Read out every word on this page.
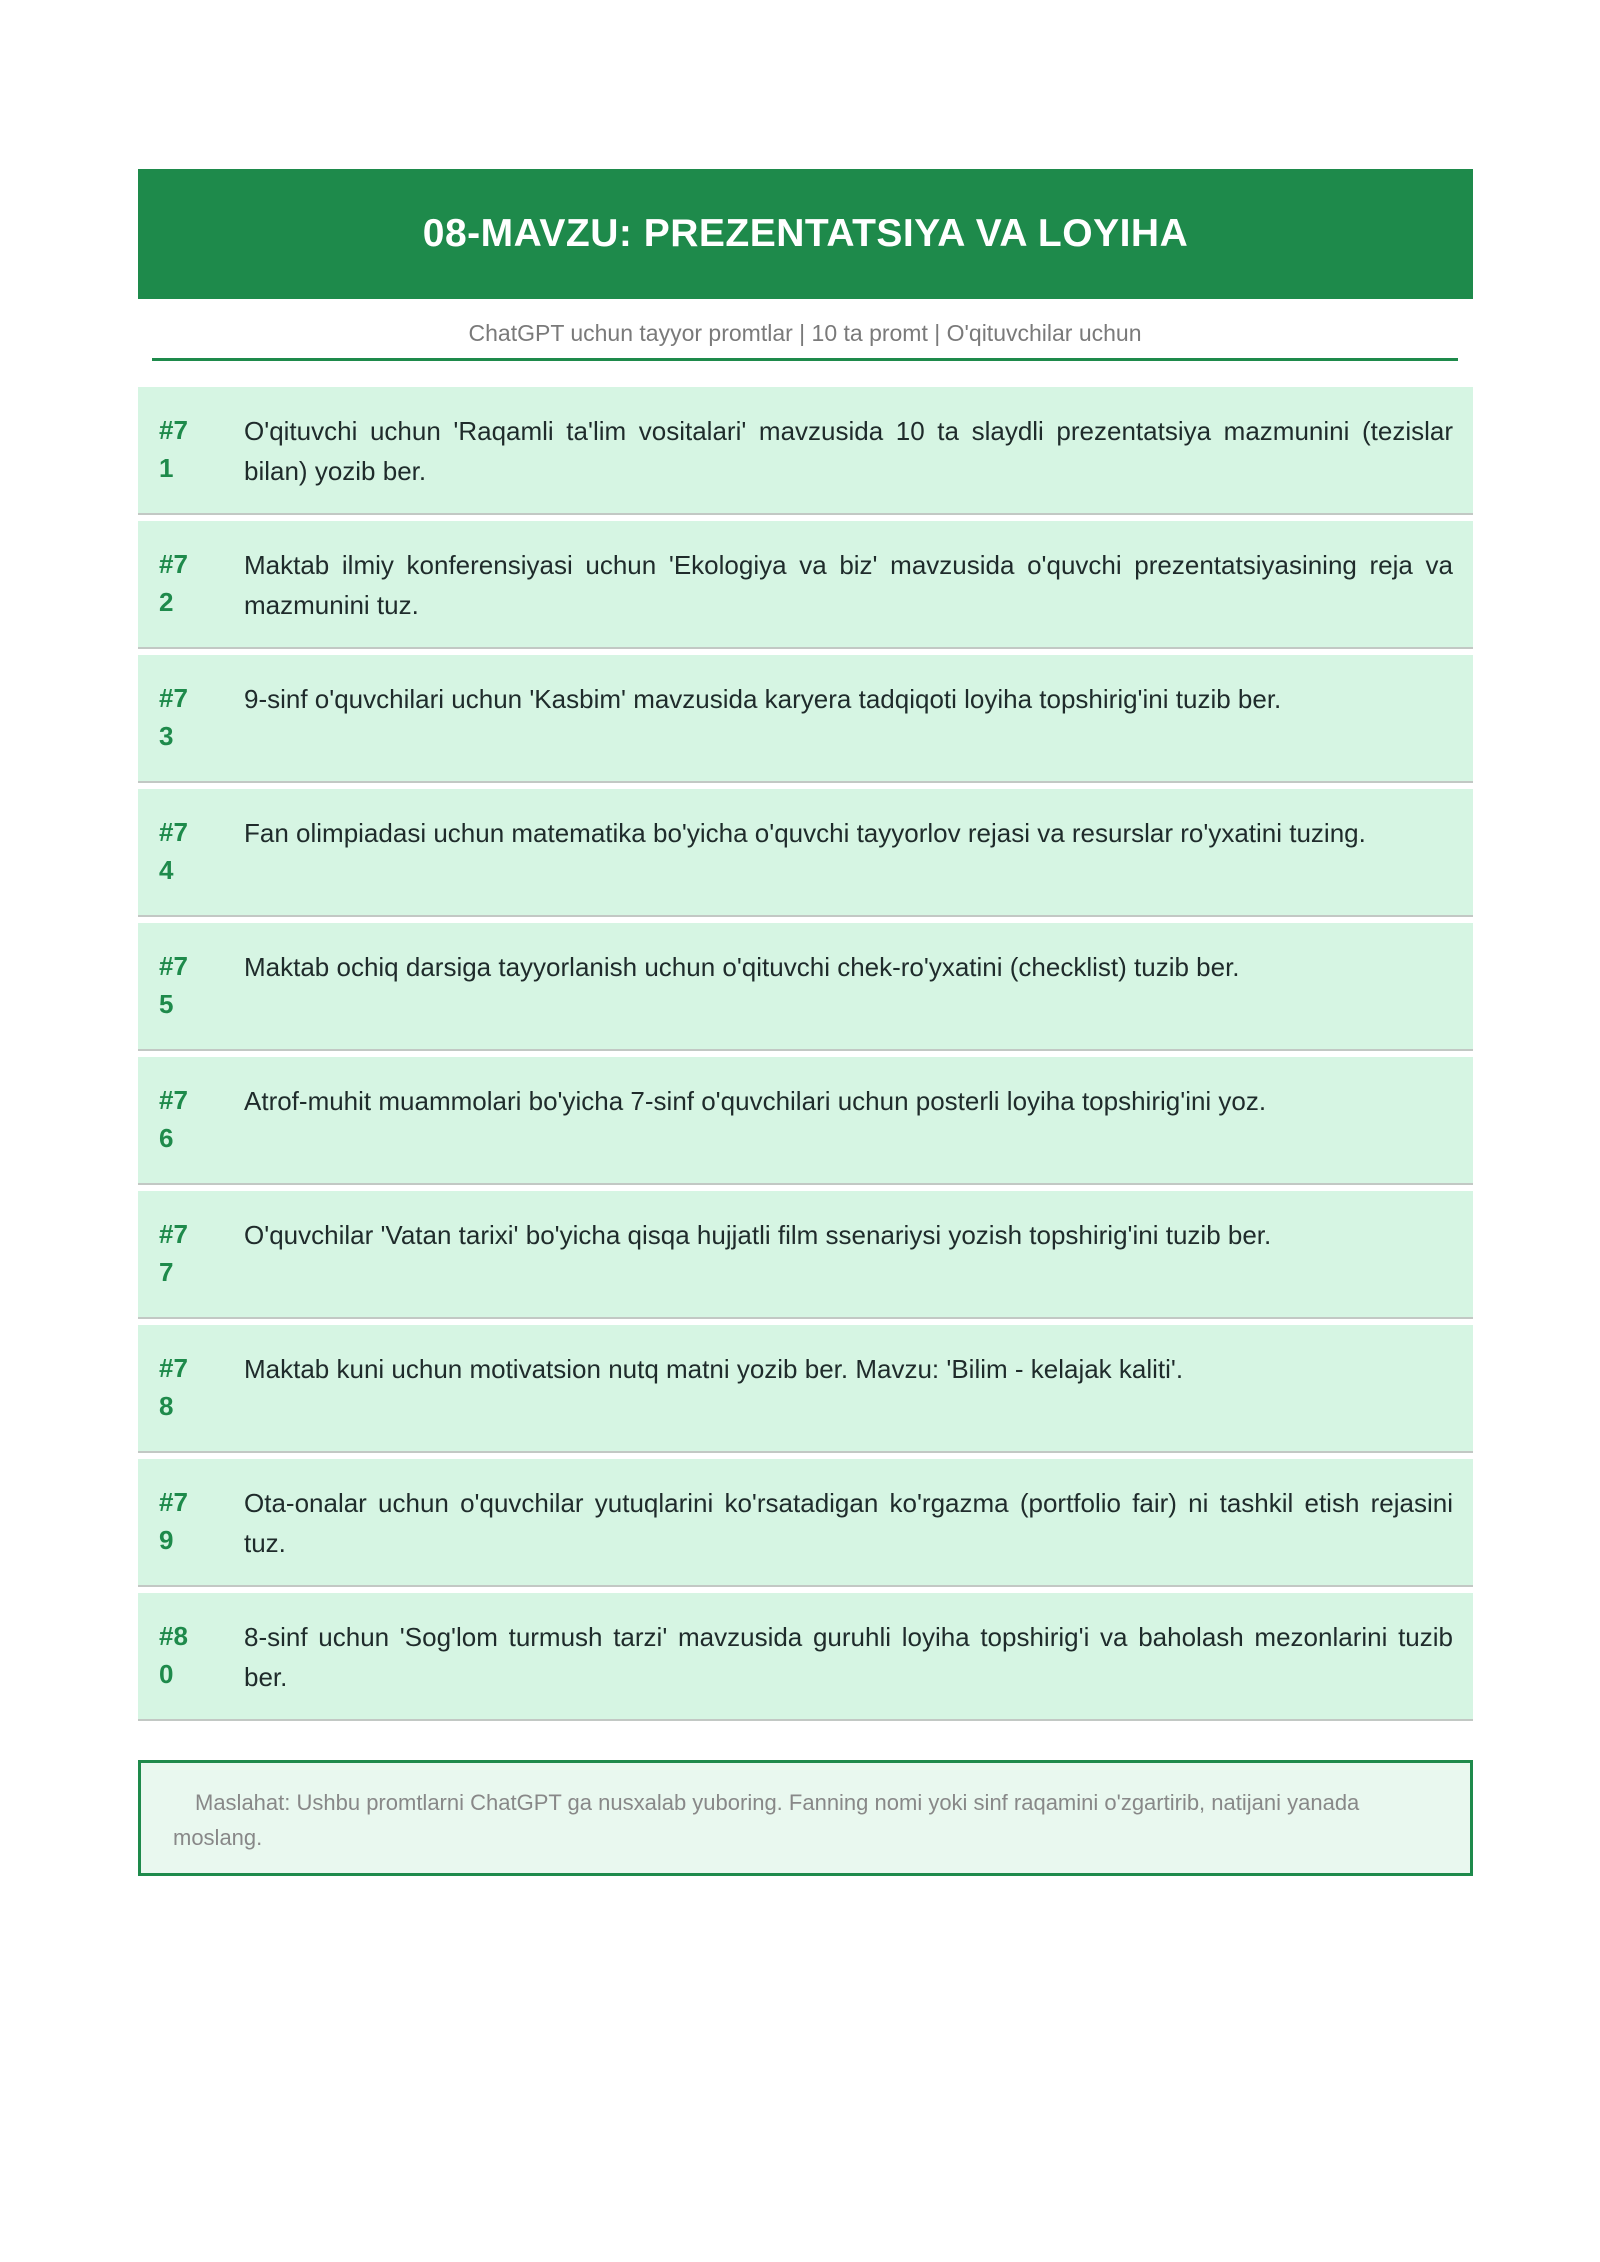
08-MAVZU: PREZENTATSIYA VA LOYIHA
ChatGPT uchun tayyor promtlar | 10 ta promt | O'qituvchilar uchun
#71
O'qituvchi uchun 'Raqamli ta'lim vositalari' mavzusida 10 ta slaydli prezentatsiya mazmunini (tezislar bilan) yozib ber.
#72
Maktab ilmiy konferensiyasi uchun 'Ekologiya va biz' mavzusida o'quvchi prezentatsiyasining reja va mazmunini tuz.
#73
9-sinf o'quvchilari uchun 'Kasbim' mavzusida karyera tadqiqoti loyiha topshirig'ini tuzib ber.
#74
Fan olimpiadasi uchun matematika bo'yicha o'quvchi tayyorlov rejasi va resurslar ro'yxatini tuzing.
#75
Maktab ochiq darsiga tayyorlanish uchun o'qituvchi chek-ro'yxatini (checklist) tuzib ber.
#76
Atrof-muhit muammolari bo'yicha 7-sinf o'quvchilari uchun posterli loyiha topshirig'ini yoz.
#77
O'quvchilar 'Vatan tarixi' bo'yicha qisqa hujjatli film ssenariysi yozish topshirig'ini tuzib ber.
#78
Maktab kuni uchun motivatsion nutq matni yozib ber. Mavzu: 'Bilim - kelajak kaliti'.
#79
Ota-onalar uchun o'quvchilar yutuqlarini ko'rsatadigan ko'rgazma (portfolio fair) ni tashkil etish rejasini tuz.
#80
8-sinf uchun 'Sog'lom turmush tarzi' mavzusida guruhli loyiha topshirig'i va baholash mezonlarini tuzib ber.
Maslahat: Ushbu promtlarni ChatGPT ga nusxalab yuboring. Fanning nomi yoki sinf raqamini o'zgartirib, natijani yanada moslang.
